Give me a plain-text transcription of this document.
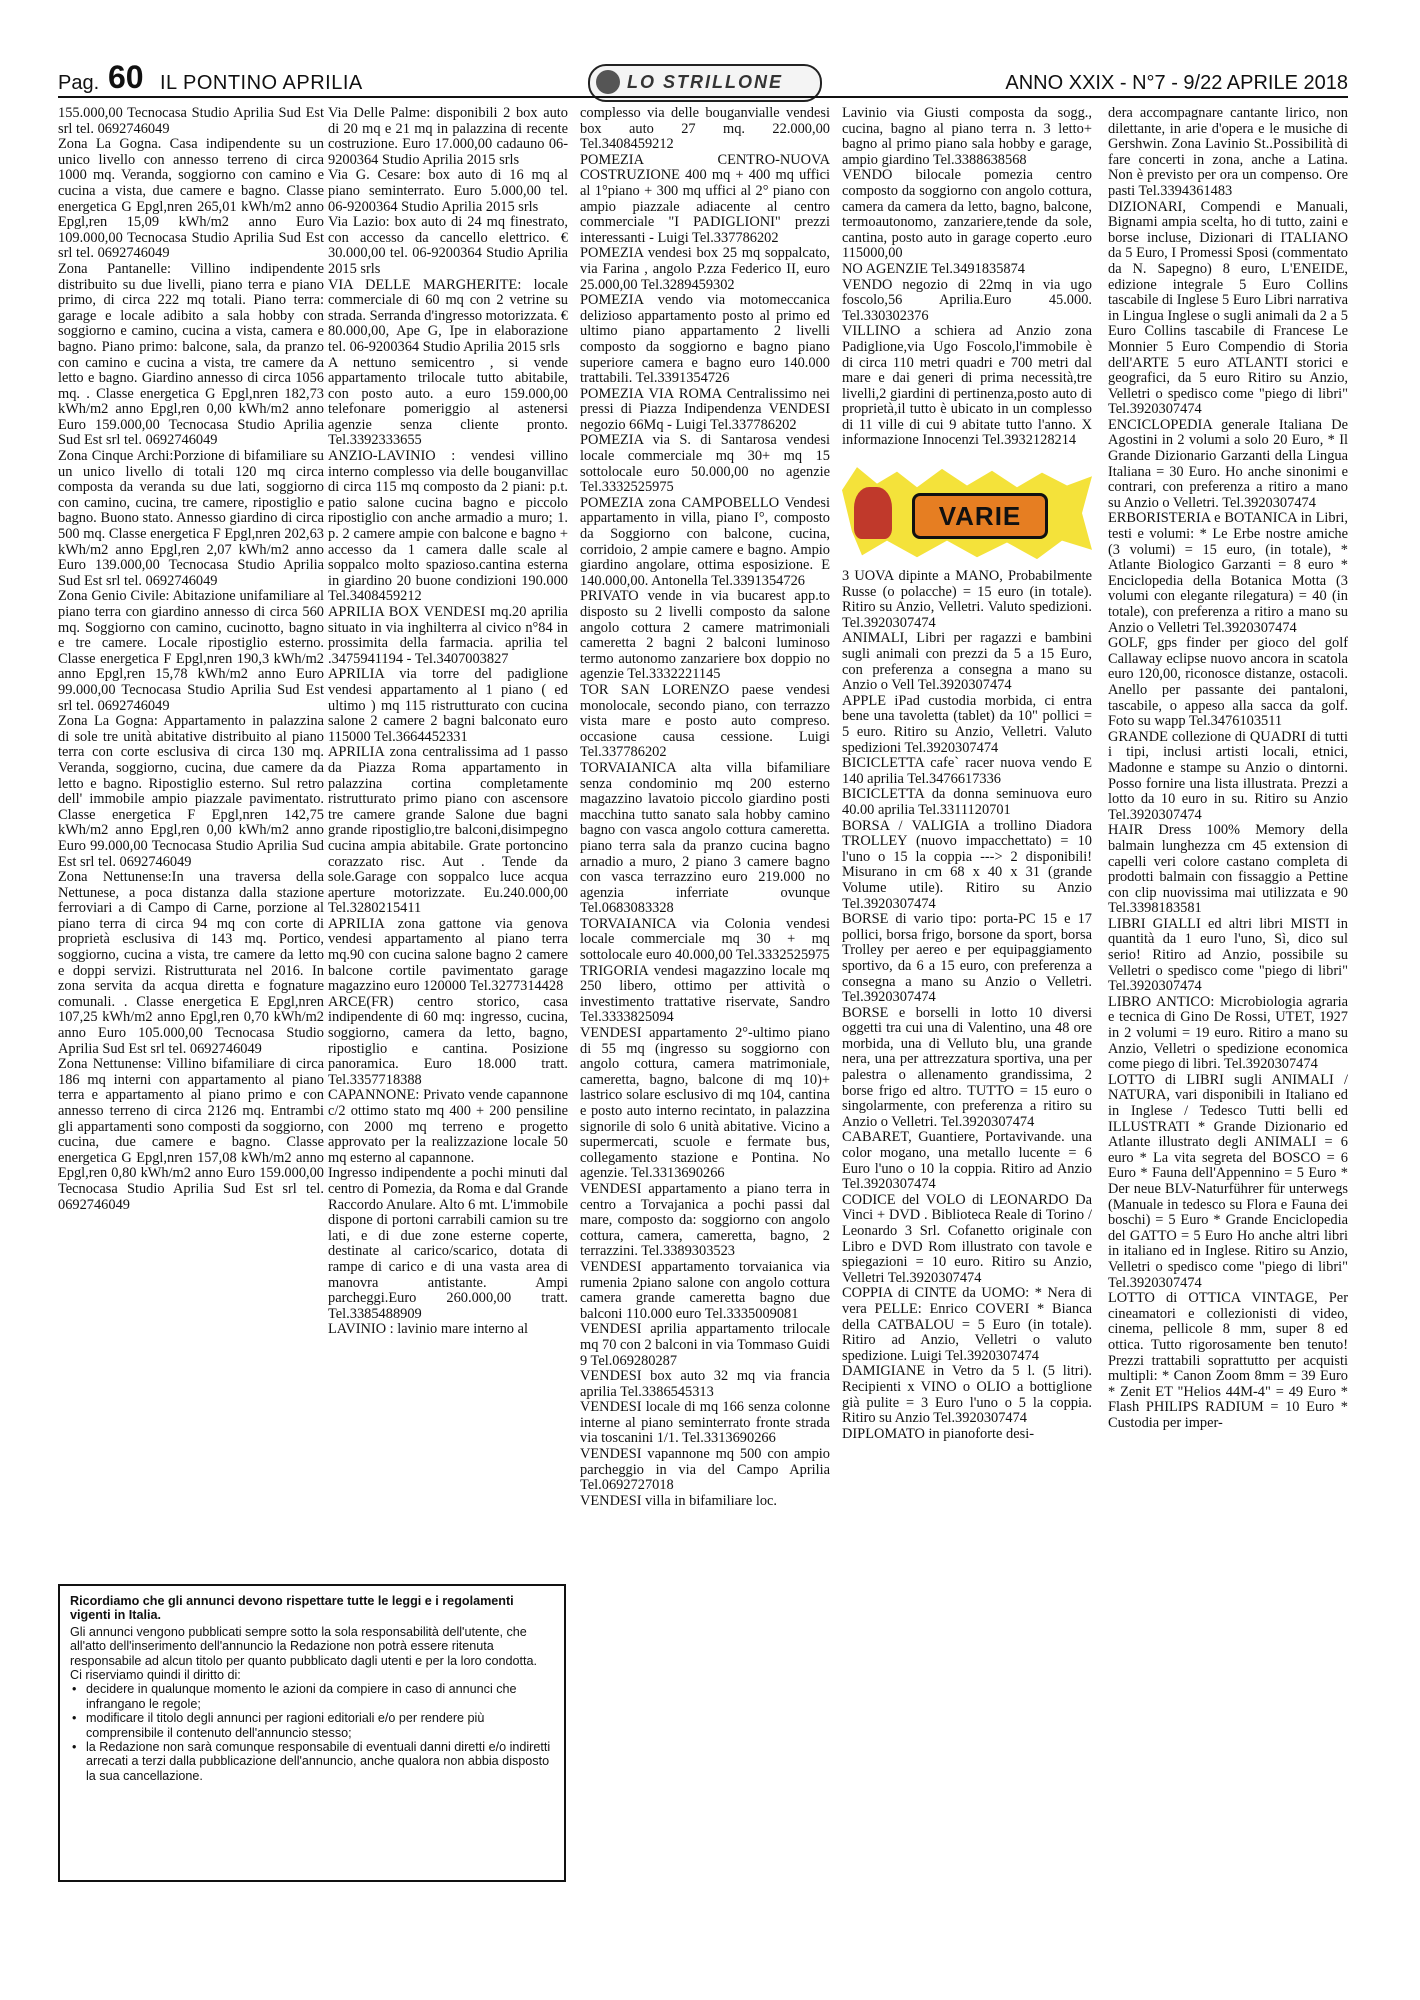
Pag. 60 IL PONTINO APRILIA	LO STRILLONE	ANNO XXIX - N°7 - 9/22 APRILE 2018

155.000,00 Tecnocasa Studio Aprilia Sud Est srl tel. 0692746049

Zona La Gogna. Casa indipendente su un unico livello con annesso terreno di circa 1000 mq. Veranda, soggiorno con camino e cucina a vista, due camere e bagno. Classe energetica G Epgl,nren 265,01 kWh/m2 anno Epgl,ren 15,09 kWh/m2 anno Euro 109.000,00 Tecnocasa Studio Aprilia Sud Est srl tel. 0692746049

Zona Pantanelle: Villino indipendente distribuito su due livelli, piano terra e piano primo, di circa 222 mq totali. Piano terra: garage e locale adibito a sala hobby con soggiorno e camino, cucina a vista, camera e bagno. Piano primo: balcone, sala, da pranzo con camino e cucina a vista, tre camere da letto e bagno. Giardino annesso di circa 1056 mq. . Classe energetica G Epgl,nren 182,73 kWh/m2 anno Epgl,ren 0,00 kWh/m2 anno Euro 159.000,00 Tecnocasa Studio Aprilia Sud Est srl tel. 0692746049

Zona Cinque Archi:Porzione di bifamiliare su un unico livello di totali 120 mq circa composta da veranda su due lati, soggiorno con camino, cucina, tre camere, ripostiglio e bagno. Buono stato. Annesso giardino di circa 500 mq. Classe energetica F Epgl,nren 202,63 kWh/m2 anno Epgl,ren 2,07 kWh/m2 anno Euro 139.000,00 Tecnocasa Studio Aprilia Sud Est srl tel. 0692746049

Zona Genio Civile: Abitazione unifamiliare al piano terra con giardino annesso di circa 560 mq. Soggiorno con camino, cucinotto, bagno e tre camere. Locale ripostiglio esterno. Classe energetica F Epgl,nren 190,3 kWh/m2 anno Epgl,ren 15,78 kWh/m2 anno Euro 99.000,00 Tecnocasa Studio Aprilia Sud Est srl tel. 0692746049

Zona La Gogna: Appartamento in palazzina di sole tre unità abitative distribuito al piano terra con corte esclusiva di circa 130 mq. Veranda, soggiorno, cucina, due camere da letto e bagno. Ripostiglio esterno. Sul retro dell' immobile ampio piazzale pavimentato. Classe energetica F Epgl,nren 142,75 kWh/m2 anno Epgl,ren 0,00 kWh/m2 anno Euro 99.000,00 Tecnocasa Studio Aprilia Sud Est srl tel. 0692746049

Zona Nettunense:In una traversa della Nettunese, a poca distanza dalla stazione ferroviari a di Campo di Carne, porzione al piano terra di circa 94 mq con corte di proprietà esclusiva di 143 mq. Portico, soggiorno, cucina a vista, tre camere da letto e doppi servizi. Ristrutturata nel 2016. In zona servita da acqua diretta e fognature comunali. . Classe energetica E Epgl,nren 107,25 kWh/m2 anno Epgl,ren 0,70 kWh/m2 anno Euro 105.000,00 Tecnocasa Studio Aprilia Sud Est srl tel. 0692746049

Zona Nettunense: Villino bifamiliare di circa 186 mq interni con appartamento al piano terra e appartamento al piano primo e con annesso terreno di circa 2126 mq. Entrambi gli appartamenti sono composti da soggiorno, cucina, due camere e bagno. Classe energetica G Epgl,nren 157,08 kWh/m2 anno Epgl,ren 0,80 kWh/m2 anno Euro 159.000,00 Tecnocasa Studio Aprilia Sud Est srl tel. 0692746049

Via Delle Palme: disponibili 2 box auto di 20 mq e 21 mq in palazzina di recente costruzione. Euro 17.000,00 cadauno 06-9200364 Studio Aprilia 2015 srls

Via G. Cesare: box auto di 16 mq al piano seminterrato. Euro 5.000,00 tel. 06-9200364 Studio Aprilia 2015 srls

Via Lazio: box auto di 24 mq finestrato, con accesso da cancello elettrico. € 30.000,00 tel. 06-9200364 Studio Aprilia 2015 srls

VIA DELLE MARGHERITE: locale commerciale di 60 mq con 2 vetrine su strada. Serranda d'ingresso motorizzata. € 80.000,00, Ape G, Ipe in elaborazione tel. 06-9200364 Studio Aprilia 2015 srls

A nettuno semicentro , si vende appartamento trilocale tutto abitabile, con posto auto. a euro 159.000,00 telefonare pomeriggio al astenersi agenzie senza cliente pronto. Tel.3392333655

ANZIO-LAVINIO : vendesi villino interno complesso via delle bouganvillac di circa 115 mq composto da 2 piani: p.t. patio salone cucina bagno e piccolo ripostiglio con anche armadio a muro; 1. p. 2 camere ampie con balcone e bagno + accesso da 1 camera dalle scale al soppalco molto spazioso.cantina esterna in giardino 20 buone condizioni 190.000 Tel.3408459212

APRILIA BOX VENDESI mq.20 aprilia situato in via inghilterra al civico n°84 in prossimita della farmacia. aprilia tel .3475941194 - Tel.3407003827

APRILIA via torre del padiglione vendesi appartamento al 1 piano ( ed ultimo ) mq 115 ristrutturato con cucina salone 2 camere 2 bagni balconato euro 115000 Tel.3664452331

APRILIA zona centralissima ad 1 passo da Piazza Roma appartamento in palazzina cortina completamente ristrutturato primo piano con ascensore tre camere grande Salone due bagni grande ripostiglio,tre balconi,disimpegno cucina ampia abitabile. Grate portoncino corazzato risc. Aut . Tende da sole.Garage con soppalco luce acqua aperture motorizzate. Eu.240.000,00 Tel.3280215411

APRILIA zona gattone via genova vendesi appartamento al piano terra mq.90 con cucina salone bagno 2 camere balcone cortile pavimentato garage magazzino euro 120000 Tel.3277314428

ARCE(FR) centro storico, casa indipendente di 60 mq: ingresso, cucina, soggiorno, camera da letto, bagno, ripostiglio e cantina. Posizione panoramica. Euro 18.000 tratt. Tel.3357718388

CAPANNONE: Privato vende capannone c/2 ottimo stato mq 400 + 200 pensiline con 2000 mq terreno e progetto approvato per la realizzazione locale 50 mq esterno al capannone.

Ingresso indipendente a pochi minuti dal centro di Pomezia, da Roma e dal Grande Raccordo Anulare. Alto 6 mt. L'immobile dispone di portoni carrabili camion su tre lati, e di due zone esterne coperte, destinate al carico/scarico, dotata di rampe di carico e di una vasta area di manovra antistante. Ampi parcheggi.Euro 260.000,00 tratt. Tel.3385488909

LAVINIO : lavinio mare interno al

complesso via delle bouganvialle vendesi box auto 27 mq. 22.000,00 Tel.3408459212

POMEZIA CENTRO-NUOVA COSTRUZIONE 400 mq + 400 mq uffici al 1°piano + 300 mq uffici al 2° piano con ampio piazzale adiacente al centro commerciale "I PADIGLIONI" prezzi interessanti - Luigi Tel.337786202

POMEZIA vendesi box 25 mq soppalcato, via Farina , angolo P.zza Federico II, euro 25.000,00 Tel.3289459302

POMEZIA vendo via motomeccanica delizioso appartamento posto al primo ed ultimo piano appartamento 2 livelli composto da soggiorno e bagno piano superiore camera e bagno euro 140.000 trattabili. Tel.3391354726

POMEZIA VIA ROMA Centralissimo nei pressi di Piazza Indipendenza VENDESI negozio 66Mq - Luigi Tel.337786202

POMEZIA via S. di Santarosa vendesi locale commerciale mq 30+ mq 15 sottolocale euro 50.000,00 no agenzie Tel.3332525975

POMEZIA zona CAMPOBELLO Vendesi appartamento in villa, piano I°, composto da Soggiorno con balcone, cucina, corridoio, 2 ampie camere e bagno. Ampio giardino angolare, ottima esposizione. E 140.000,00. Antonella Tel.3391354726

PRIVATO vende in via bucarest app.to disposto su 2 livelli composto da salone angolo cottura 2 camere matrimoniali cameretta 2 bagni 2 balconi luminoso termo autonomo zanzariere box doppio no agenzie Tel.3332221145

TOR SAN LORENZO paese vendesi monolocale, secondo piano, con terrazzo vista mare e posto auto compreso. occasione causa cessione. Luigi Tel.337786202

TORVAIANICA alta villa bifamiliare senza condominio mq 200 esterno magazzino lavatoio piccolo giardino posti macchina tutto sanato sala hobby camino bagno con vasca angolo cottura cameretta. piano terra sala da pranzo cucina bagno arnadio a muro, 2 piano 3 camere bagno con vasca terrazzino euro 219.000 no agenzia inferriate ovunque Tel.0683083328

TORVAIANICA via Colonia vendesi locale commerciale mq 30 + mq sottolocale euro 40.000,00 Tel.3332525975

TRIGORIA vendesi magazzino locale mq 250 libero, ottimo per attività o investimento trattative riservate, Sandro Tel.3333825094

VENDESI appartamento 2°-ultimo piano di 55 mq (ingresso su soggiorno con angolo cottura, camera matrimoniale, cameretta, bagno, balcone di mq 10)+ lastrico solare esclusivo di mq 104, cantina e posto auto interno recintato, in palazzina signorile di solo 6 unità abitative. Vicino a supermercati, scuole e fermate bus, collegamento stazione e Pontina. No agenzie. Tel.3313690266

VENDESI appartamento a piano terra in centro a Torvajanica a pochi passi dal mare, composto da: soggiorno con angolo cottura, camera, cameretta, bagno, 2 terrazzini. Tel.3389303523

VENDESI appartamento torvaianica via rumenia 2piano salone con angolo cottura camera grande cameretta bagno due balconi 110.000 euro Tel.3335009081

VENDESI aprilia appartamento trilocale mq 70 con 2 balconi in via Tommaso Guidi 9 Tel.069280287

VENDESI box auto 32 mq via francia aprilia Tel.3386545313

VENDESI locale di mq 166 senza colonne interne al piano seminterrato fronte strada via toscanini 1/1. Tel.3313690266

VENDESI vapannone mq 500 con ampio parcheggio in via del Campo Aprilia Tel.0692727018

VENDESI villa in bifamiliare loc.

Lavinio via Giusti composta da sogg., cucina, bagno al piano terra n. 3 letto+ bagno al primo piano sala hobby e garage, ampio giardino Tel.3388638568

VENDO bilocale pomezia centro composto da soggiorno con angolo cottura, camera da camera da letto, bagno, balcone, termoautonomo, zanzariere,tende da sole, cantina, posto auto in garage coperto .euro 115000,00

NO AGENZIE Tel.3491835874

VENDO negozio di 22mq in via ugo foscolo,56 Aprilia.Euro 45.000. Tel.330302376

VILLINO a schiera ad Anzio zona Padiglione,via Ugo Foscolo,l'immobile è di circa 110 metri quadri e 700 metri dal mare e dai generi di prima necessità,tre livelli,2 giardini di pertinenza,posto auto di proprietà,il tutto è ubicato in un complesso di 11 ville di cui 9 abitate tutto l'anno. X informazione Innocenzi Tel.3932128214

VARIE

3 UOVA dipinte a MANO, Probabilmente Russe (o polacche) = 15 euro (in totale). Ritiro su Anzio, Velletri. Valuto spedizioni. Tel.3920307474

ANIMALI, Libri per ragazzi e bambini sugli animali con prezzi da 5 a 15 Euro, con preferenza a consegna a mano su Anzio o Vell Tel.3920307474

APPLE iPad custodia morbida, ci entra bene una tavoletta (tablet) da 10" pollici = 5 euro. Ritiro su Anzio, Velletri. Valuto spedizioni Tel.3920307474

BICICLETTA cafe` racer nuova vendo E 140 aprilia Tel.3476617336

BICICLETTA da donna seminuova euro 40.00 aprilia Tel.3311120701

BORSA / VALIGIA a trollino Diadora TROLLEY (nuovo impacchettato) = 10 l'uno o 15 la coppia ---> 2 disponibili! Misurano in cm 68 x 40 x 31 (grande Volume utile). Ritiro su Anzio Tel.3920307474

BORSE di vario tipo: porta-PC 15 e 17 pollici, borsa frigo, borsone da sport, borsa Trolley per aereo e per equipaggiamento sportivo, da 6 a 15 euro, con preferenza a consegna a mano su Anzio o Velletri. Tel.3920307474

BORSE e borselli in lotto 10 diversi oggetti tra cui una di Valentino, una 48 ore morbida, una di Velluto blu, una grande nera, una per attrezzatura sportiva, una per palestra o allenamento grandissima, 2 borse frigo ed altro. TUTTO = 15 euro o singolarmente, con preferenza a ritiro su Anzio o Velletri. Tel.3920307474

CABARET, Guantiere, Portavivande. una color mogano, una metallo lucente = 6 Euro l'uno o 10 la coppia. Ritiro ad Anzio Tel.3920307474

CODICE del VOLO di LEONARDO Da Vinci + DVD . Biblioteca Reale di Torino / Leonardo 3 Srl. Cofanetto originale con Libro e DVD Rom illustrato con tavole e spiegazioni = 10 euro. Ritiro su Anzio, Velletri Tel.3920307474

COPPIA di CINTE da UOMO: * Nera di vera PELLE: Enrico COVERI * Bianca della CATBALOU = 5 Euro (in totale). Ritiro ad Anzio, Velletri o valuto spedizione. Luigi Tel.3920307474

DAMIGIANE in Vetro da 5 l. (5 litri). Recipienti x VINO o OLIO a bottiglione già pulite = 3 Euro l'uno o 5 la coppia. Ritiro su Anzio Tel.3920307474

DIPLOMATO in pianoforte desi-

dera accompagnare cantante lirico, non dilettante, in arie d'opera e le musiche di Gershwin. Zona Lavinio St..Possibilità di fare concerti in zona, anche a Latina. Non è previsto per ora un compenso. Ore pasti Tel.3394361483

DIZIONARI, Compendi e Manuali, Bignami ampia scelta, ho di tutto, zaini e borse incluse, Dizionari di ITALIANO da 5 Euro, I Promessi Sposi (commentato da N. Sapegno) 8 euro, L'ENEIDE, edizione integrale 5 Euro Collins tascabile di Inglese 5 Euro Libri narrativa in Lingua Inglese o sugli animali da 2 a 5 Euro Collins tascabile di Francese Le Monnier 5 Euro Compendio di Storia dell'ARTE 5 euro ATLANTI storici e geografici, da 5 euro Ritiro su Anzio, Velletri o spedisco come "piego di libri" Tel.3920307474

ENCICLOPEDIA generale Italiana De Agostini in 2 volumi a solo 20 Euro, * Il Grande Dizionario Garzanti della Lingua Italiana = 30 Euro. Ho anche sinonimi e contrari, con preferenza a ritiro a mano su Anzio o Velletri. Tel.3920307474

ERBORISTERIA e BOTANICA in Libri, testi e volumi: * Le Erbe nostre amiche (3 volumi) = 15 euro, (in totale), * Atlante Biologico Garzanti = 8 euro * Enciclopedia della Botanica Motta (3 volumi con elegante rilegatura) = 40 (in totale), con preferenza a ritiro a mano su Anzio o Velletri Tel.3920307474

GOLF, gps finder per gioco del golf Callaway eclipse nuovo ancora in scatola euro 120,00, riconosce distanze, ostacoli. Anello per passante dei pantaloni, tascabile, o appeso alla sacca da golf. Foto su wapp Tel.3476103511

GRANDE collezione di QUADRI di tutti i tipi, inclusi artisti locali, etnici, Madonne e stampe su Anzio o dintorni. Posso fornire una lista illustrata. Prezzi a lotto da 10 euro in su. Ritiro su Anzio Tel.3920307474

HAIR Dress 100% Memory della balmain lunghezza cm 45 extension di capelli veri colore castano completa di prodotti balmain con fissaggio a Pettine con clip nuovissima mai utilizzata e 90 Tel.3398183581

LIBRI GIALLI ed altri libri MISTI in quantità da 1 euro l'uno, Sì, dico sul serio! Ritiro ad Anzio, possibile su Velletri o spedisco come "piego di libri" Tel.3920307474

LIBRO ANTICO: Microbiologia agraria e tecnica di Gino De Rossi, UTET, 1927 in 2 volumi = 19 euro. Ritiro a mano su Anzio, Velletri o spedizione economica come piego di libri. Tel.3920307474

LOTTO di LIBRI sugli ANIMALI / NATURA, vari disponibili in Italiano ed in Inglese / Tedesco Tutti belli ed ILLUSTRATI * Grande Dizionario ed Atlante illustrato degli ANIMALI = 6 euro * La vita segreta del BOSCO = 6 Euro * Fauna dell'Appennino = 5 Euro * Der neue BLV-Naturführer für unterwegs (Manuale in tedesco su Flora e Fauna dei boschi) = 5 Euro * Grande Enciclopedia del GATTO = 5 Euro Ho anche altri libri in italiano ed in Inglese. Ritiro su Anzio, Velletri o spedisco come "piego di libri" Tel.3920307474

LOTTO di OTTICA VINTAGE, Per cineamatori e collezionisti di video, cinema, pellicole 8 mm, super 8 ed ottica. Tutto rigorosamente ben tenuto! Prezzi trattabili soprattutto per acquisti multipli: * Canon Zoom 8mm = 39 Euro * Zenit ET "Helios 44M-4" = 49 Euro * Flash PHILIPS RADIUM = 10 Euro * Custodia per imper-

Ricordiamo che gli annunci devono rispettare tutte le leggi e i regolamenti vigenti in Italia.

Gli annunci vengono pubblicati sempre sotto la sola responsabilità dell'utente, che all'atto dell'inserimento dell'annuncio la Redazione non potrà essere ritenuta responsabile ad alcun titolo per quanto pubblicato dagli utenti e per la loro condotta.

Ci riserviamo quindi il diritto di:

• decidere in qualunque momento le azioni da compiere in caso di annunci che infrangano le regole;
• modificare il titolo degli annunci per ragioni editoriali e/o per rendere più comprensibile il contenuto dell'annuncio stesso;
• la Redazione non sarà comunque responsabile di eventuali danni diretti e/o indiretti arrecati a terzi dalla pubblicazione dell'annuncio, anche qualora non abbia disposto la sua cancellazione.
